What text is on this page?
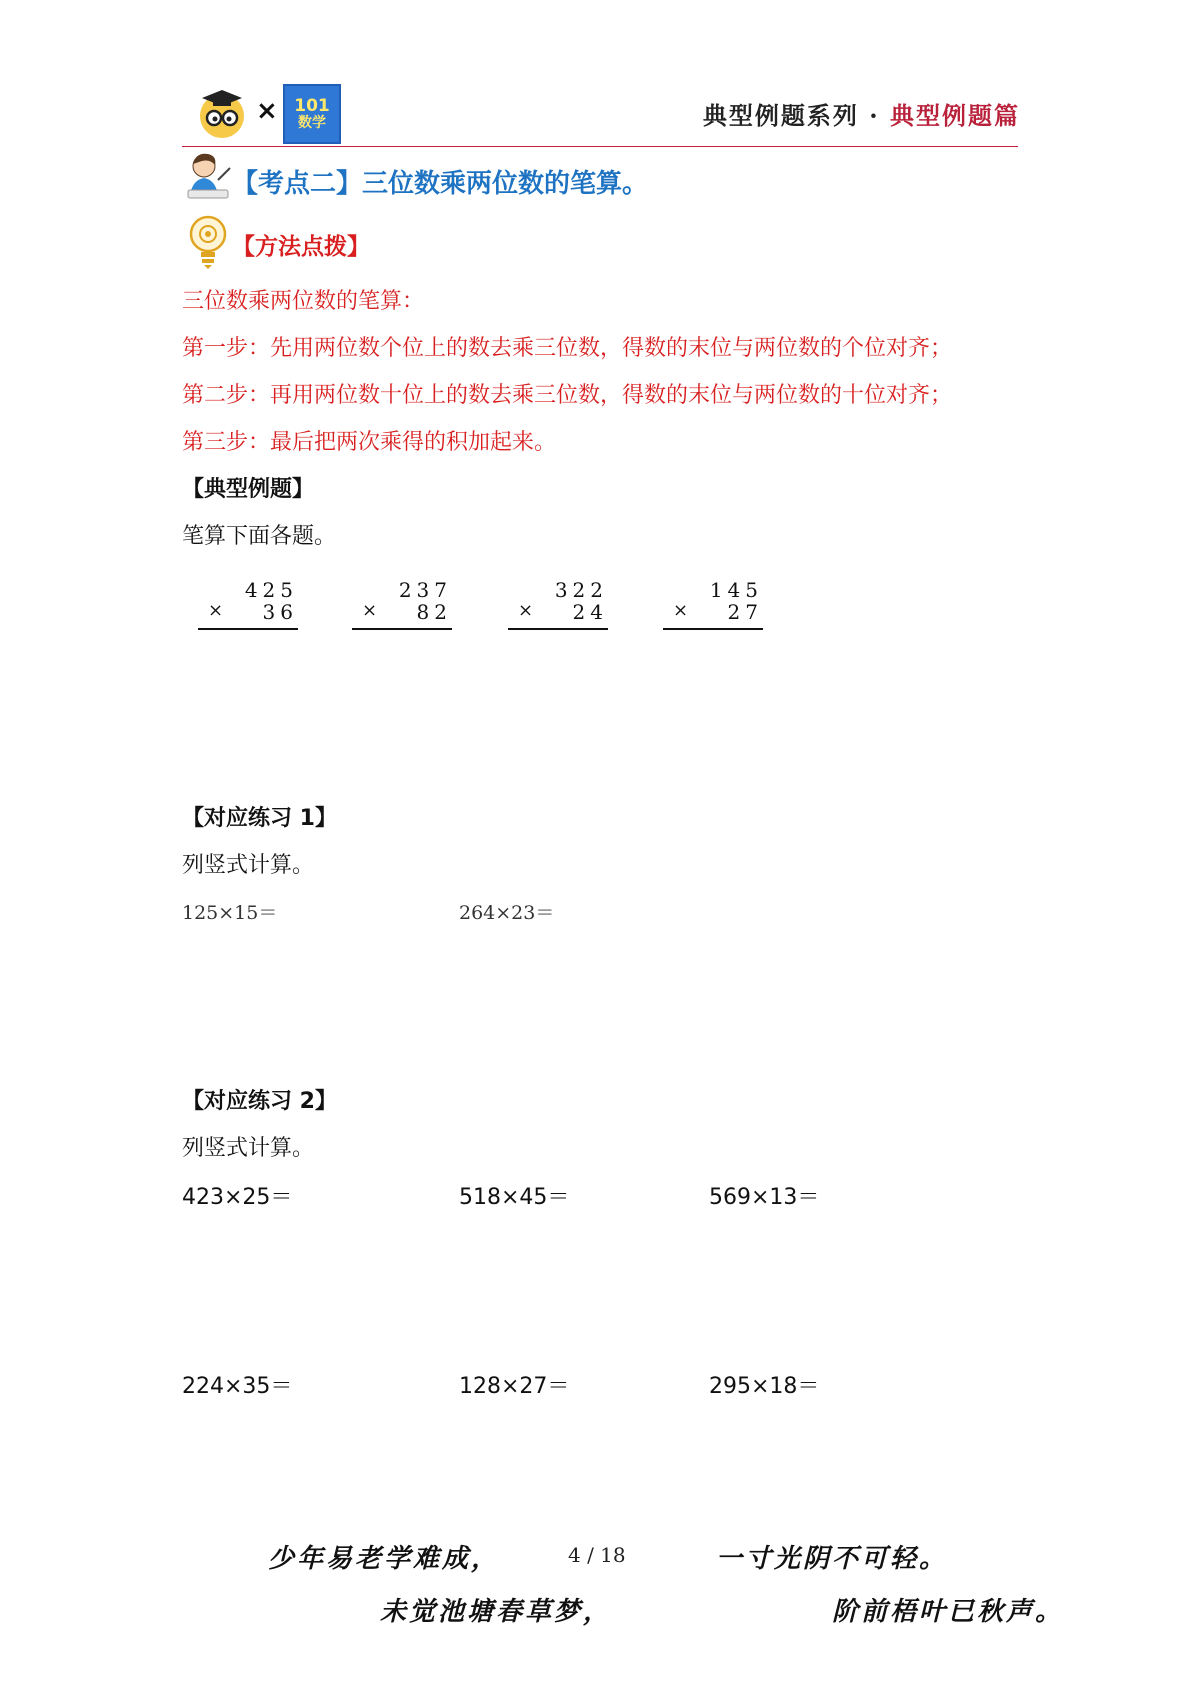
× 101
数学	典型例题系列 · 典型例题篇
【考点二】三位数乘两位数的笔算。
【方法点拨】
三位数乘两位数的笔算：
第一步：先用两位数个位上的数去乘三位数，得数的末位与两位数的个位对齐；
第二步：再用两位数十位上的数去乘三位数，得数的末位与两位数的十位对齐；
第三步：最后把两次乘得的积加起来。
【典型例题】
笔算下面各题。
425
× 36
237
× 82
322
× 24
145
× 27
【对应练习 1】
列竖式计算。
125×15＝	264×23＝
【对应练习 2】
列竖式计算。
423×25＝	518×45＝	569×13＝
224×35＝	128×27＝	295×18＝
少年易老学难成，	4 / 18	一寸光阴不可轻。
未觉池塘春草梦，	阶前梧叶已秋声。
